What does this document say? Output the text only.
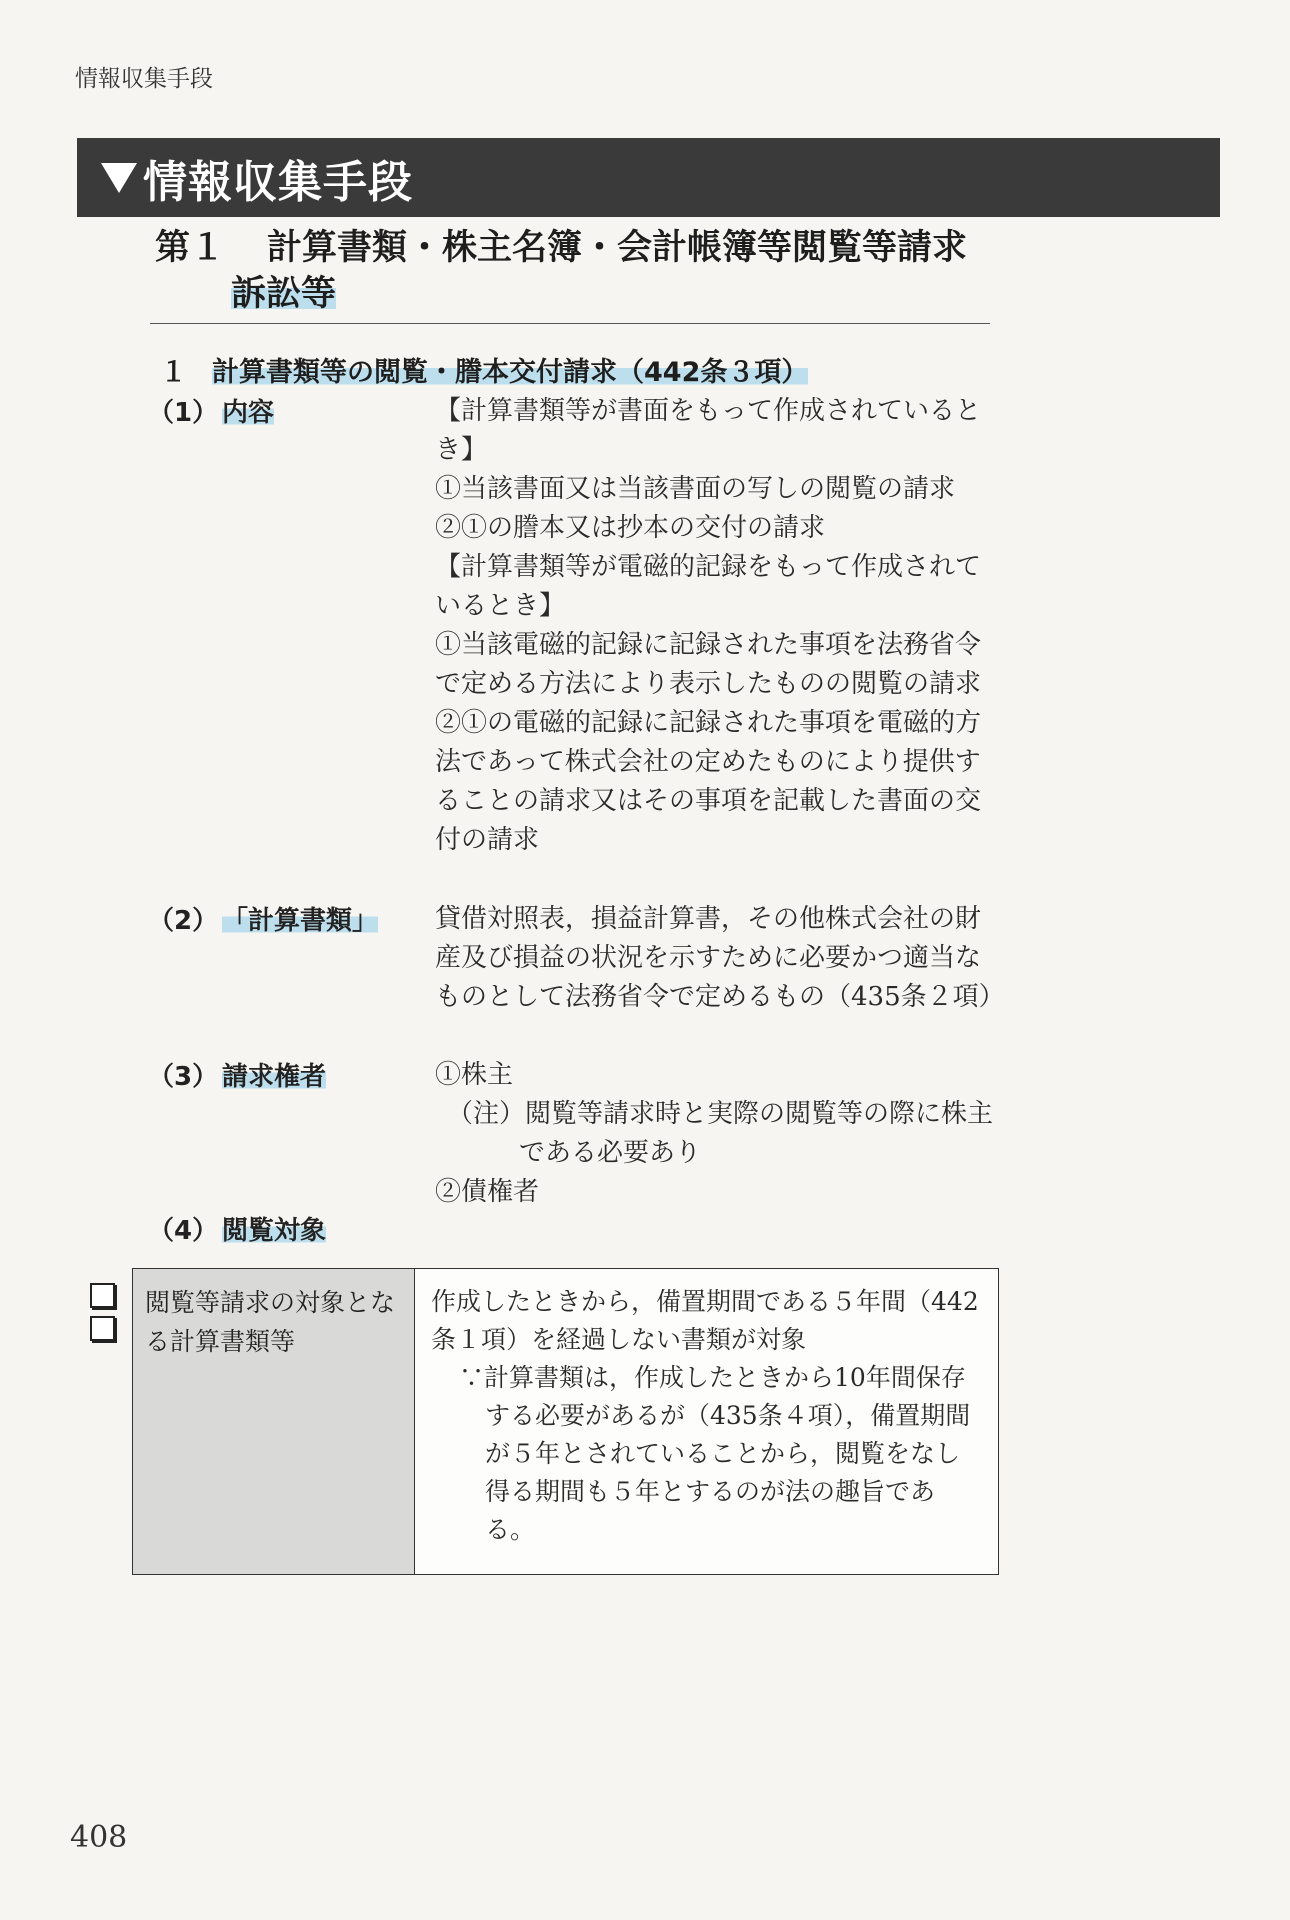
情報収集手段
情報収集手段
第１ 計算書類・株主名簿・会計帳簿等閲覧等請求
訴訟等
１ 計算書類等の閲覧・謄本交付請求（442条３項）
（1） 内容	【計算書類等が書面をもって作成されているとき】

①当該書面又は当該書面の写しの閲覧の請求②①の謄本又は抄本の交付の請求

【計算書類等が電磁的記録をもって作成されているとき】

①当該電磁的記録に記録された事項を法務省令で定める方法により表示したものの閲覧の請求

②①の電磁的記録に記録された事項を電磁的方法であって株式会社の定めたものにより提供することの請求又はその事項を記載した書面の交付の請求

（2） 「計算書類」 貸借対照表，損益計算書，その他株式会社の財産及び損益の状況を示すために必要かつ適当なものとして法務省令で定めるもの（435条２項）

（3） 請求権者	①株主

（注）閲覧等請求時と実際の閲覧等の際に株主である必要あり

②債権者

（4） 閲覧対象
閲覧等請求の対象となる計算書類等

作成したときから，備置期間である５年間（442条１項）を経過しない書類が対象

∵計算書類は，作成したときから10年間保存する必要があるが（435条４項），備置期間が５年とされていることから，閲覧をなし得る期間も５年とするのが法の趣旨である。

408
